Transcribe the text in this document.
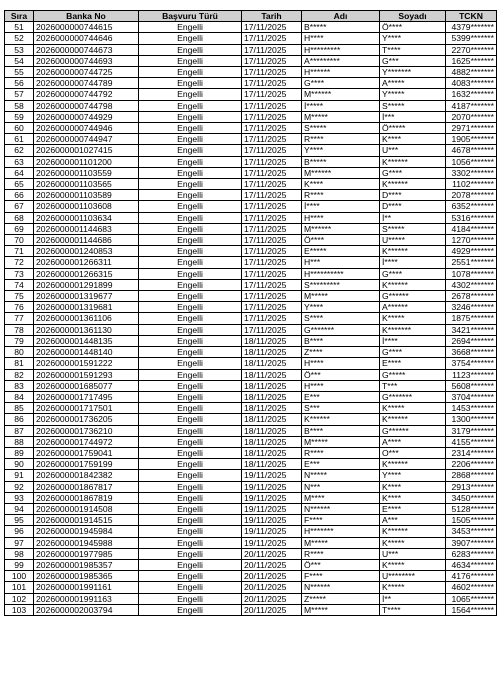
Sıra	Banka No	Başvuru Türü	Tarih	Adı	Soyadı	TCKN
51	2026000000744615	Engelli	17/11/2025	B*****	Ö****	4379*******
52	2026000000744646	Engelli	17/11/2025	H****	Y****	5399*******
53	2026000000744673	Engelli	17/11/2025	H*********	T****	2270*******
54	2026000000744693	Engelli	17/11/2025	A*********	G***	1625*******
55	2026000000744725	Engelli	17/11/2025	H******	Y*******	4882*******
56	2026000000744789	Engelli	17/11/2025	G****	A*****	4083*******
57	2026000000744792	Engelli	17/11/2025	M******	Y*****	1632*******
58	2026000000744798	Engelli	17/11/2025	İ*****	S*****	4187*******
59	2026000000744929	Engelli	17/11/2025	M*****	İ***	2070*******
60	2026000000744946	Engelli	17/11/2025	S*****	Ö*****	2971*******
61	2026000000744947	Engelli	17/11/2025	R****	K****	1905*******
62	2026000001027415	Engelli	17/11/2025	Y****	U***	4678*******
63	2026000001101200	Engelli	17/11/2025	B*****	K******	1056*******
64	2026000001103559	Engelli	17/11/2025	M******	G****	3302*******
65	2026000001103565	Engelli	17/11/2025	K****	K******	1102*******
66	2026000001103589	Engelli	17/11/2025	R****	D****	2078*******
67	2026000001103608	Engelli	17/11/2025	İ****	D****	6352*******
68	2026000001103634	Engelli	17/11/2025	H****	İ**	5316*******
69	2026000001144683	Engelli	17/11/2025	M******	S*****	4184*******
70	2026000001144686	Engelli	17/11/2025	Ö****	U*****	1270*******
71	2026000001240853	Engelli	17/11/2025	E*****	K******	4929*******
72	2026000001266311	Engelli	17/11/2025	H***	İ****	2551*******
73	2026000001266315	Engelli	17/11/2025	H**********	G****	1078*******
74	2026000001291899	Engelli	17/11/2025	S*********	K******	4302*******
75	2026000001319677	Engelli	17/11/2025	M*****	G******	2678*******
76	2026000001319681	Engelli	17/11/2025	Y****	A******	3246*******
77	2026000001361106	Engelli	17/11/2025	S****	K*****	1875*******
78	2026000001361130	Engelli	17/11/2025	G*******	K*******	3421*******
79	2026000001448135	Engelli	18/11/2025	B****	İ****	2694*******
80	2026000001448140	Engelli	18/11/2025	Z****	G****	3668*******
81	2026000001591222	Engelli	18/11/2025	H****	E****	3754*******
82	2026000001591293	Engelli	18/11/2025	Ö***	G*****	1123*******
83	2026000001685077	Engelli	18/11/2025	H****	T***	5608*******
84	2026000001717495	Engelli	18/11/2025	E***	G*******	3704*******
85	2026000001717501	Engelli	18/11/2025	S***	K*****	1453*******
86	2026000001736205	Engelli	18/11/2025	K******	K******	1300*******
87	2026000001736210	Engelli	18/11/2025	B****	G******	3179*******
88	2026000001744972	Engelli	18/11/2025	M*****	A****	4155*******
89	2026000001759041	Engelli	18/11/2025	R****	O***	2314*******
90	2026000001759199	Engelli	18/11/2025	E***	K******	2206*******
91	2026000001842382	Engelli	19/11/2025	N*****	Y****	2868*******
92	2026000001867817	Engelli	19/11/2025	N***	K****	2913*******
93	2026000001867819	Engelli	19/11/2025	M****	K****	3450*******
94	2026000001914508	Engelli	19/11/2025	N******	E****	5128*******
95	2026000001914515	Engelli	19/11/2025	F****	A***	1505*******
96	2026000001945984	Engelli	19/11/2025	H*******	K******	3453*******
97	2026000001945988	Engelli	19/11/2025	M*****	K*****	3907*******
98	2026000001977985	Engelli	20/11/2025	R****	U***	6283*******
99	2026000001985357	Engelli	20/11/2025	Ö***	K*****	4634*******
100	2026000001985365	Engelli	20/11/2025	F****	U********	4176*******
101	2026000001991161	Engelli	20/11/2025	N******	K*****	4602*******
102	2026000001991163	Engelli	20/11/2025	Z*****	İ**	1065*******
103	2026000002003794	Engelli	20/11/2025	M*****	T****	1564*******
